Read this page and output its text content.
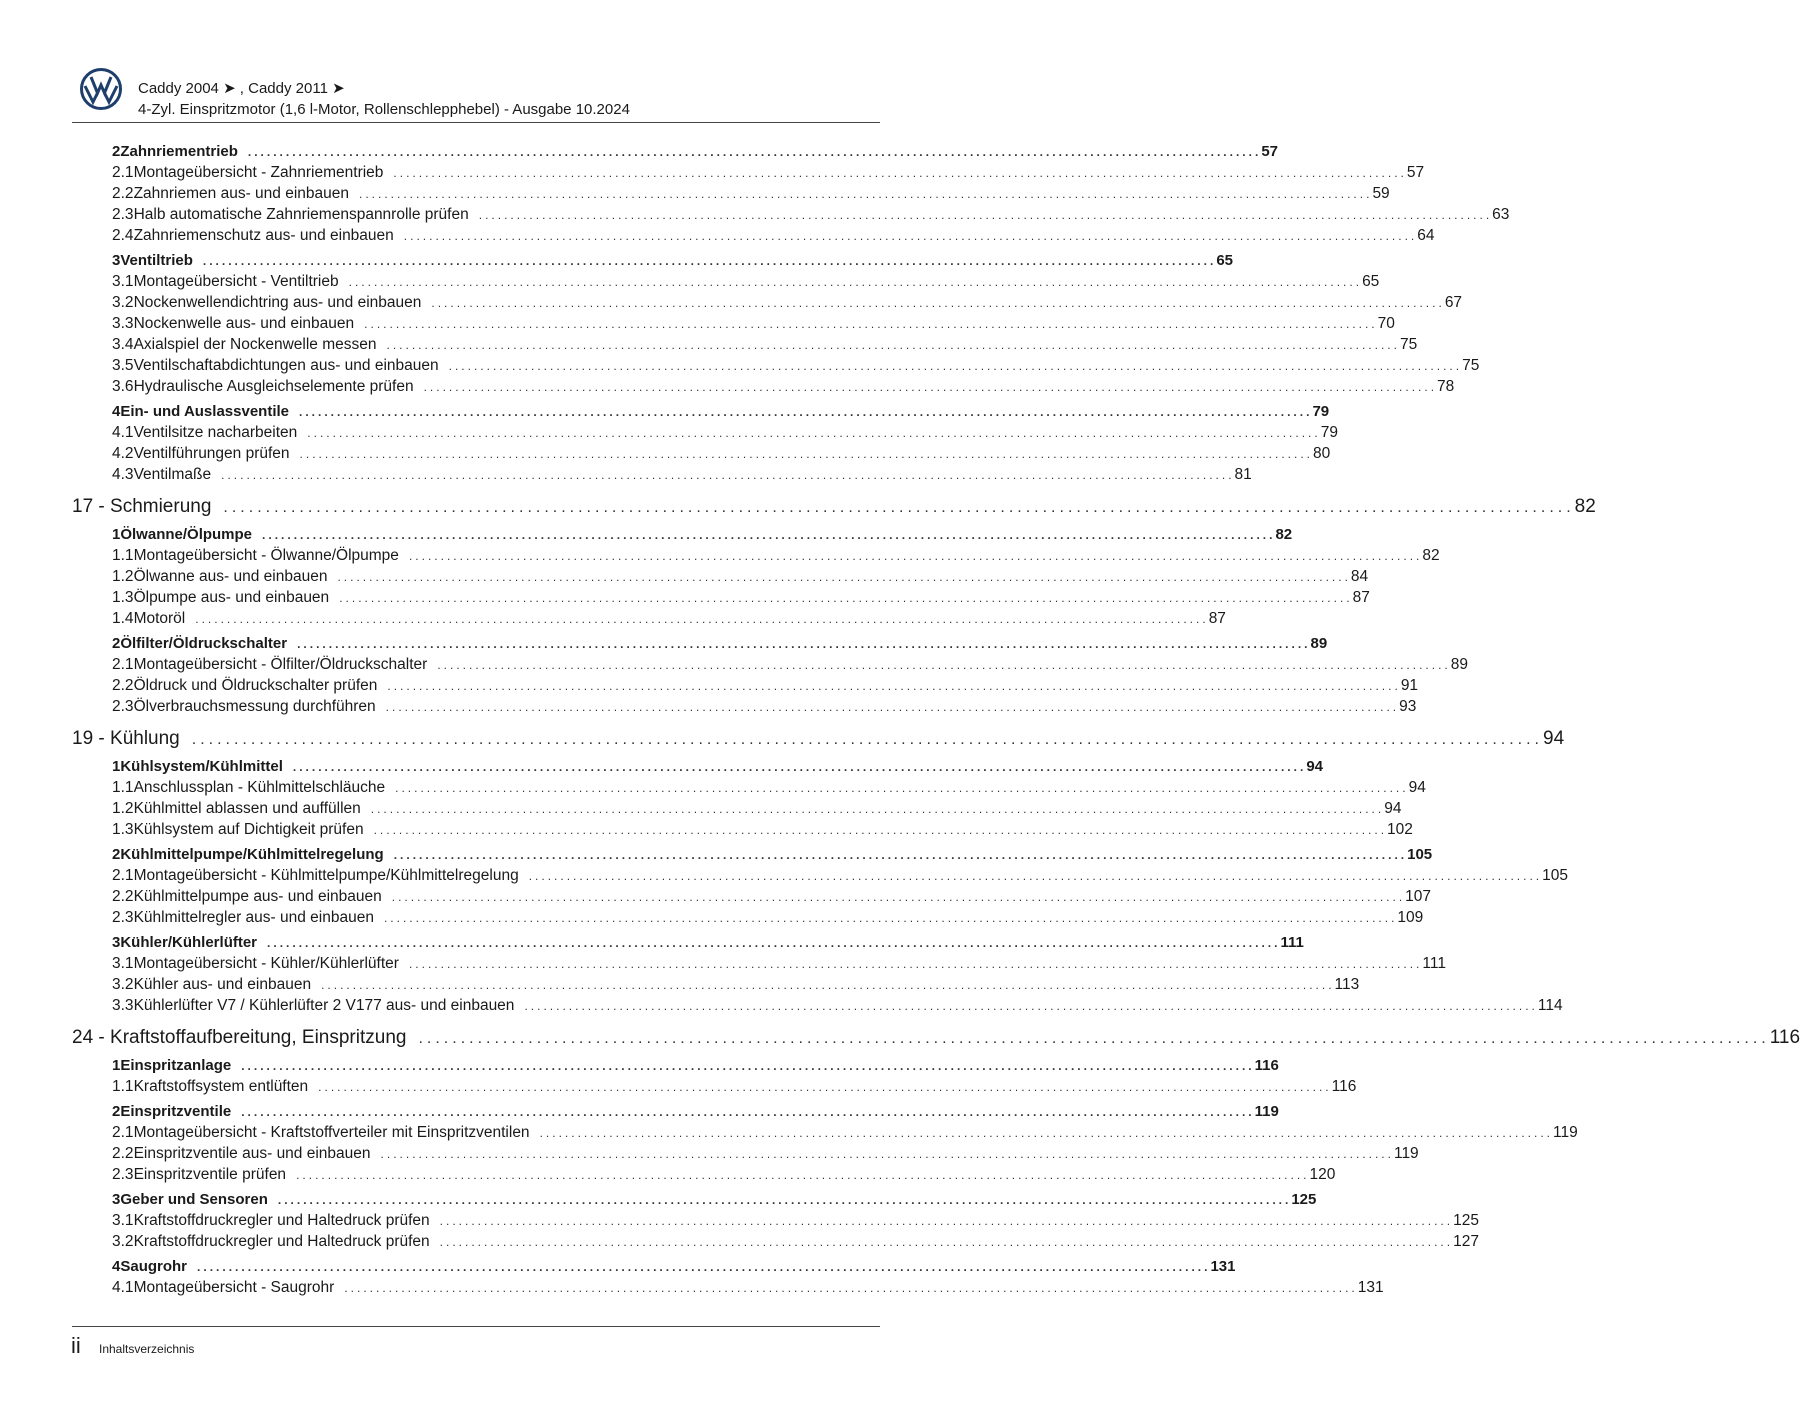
Caddy 2004 ➤ , Caddy 2011 ➤
4-Zyl. Einspritzmotor (1,6 l-Motor, Rollenschlepphebel) - Ausgabe 10.2024
2 Zahnriementrieb ................................................................................................................................................................ 57
2.1 Montageübersicht - Zahnriementrieb ................................................................................................................................................................ 57
2.2 Zahnriemen aus- und einbauen ................................................................................................................................................................ 59
2.3 Halb automatische Zahnriemenspannrolle prüfen ................................................................................................................................................................ 63
2.4 Zahnriemenschutz aus- und einbauen ................................................................................................................................................................ 64
3 Ventiltrieb ................................................................................................................................................................ 65
3.1 Montageübersicht - Ventiltrieb ................................................................................................................................................................ 65
3.2 Nockenwellendichtring aus- und einbauen ................................................................................................................................................................ 67
3.3 Nockenwelle aus- und einbauen ................................................................................................................................................................ 70
3.4 Axialspiel der Nockenwelle messen ................................................................................................................................................................ 75
3.5 Ventilschaftabdichtungen aus- und einbauen ................................................................................................................................................................ 75
3.6 Hydraulische Ausgleichselemente prüfen ................................................................................................................................................................ 78
4 Ein- und Auslassventile ................................................................................................................................................................ 79
4.1 Ventilsitze nacharbeiten ................................................................................................................................................................ 79
4.2 Ventilführungen prüfen ................................................................................................................................................................ 80
4.3 Ventilmaße ................................................................................................................................................................ 81
17 - Schmierung ................................................................................................................................................................ 82
1 Ölwanne/Ölpumpe ................................................................................................................................................................ 82
1.1 Montageübersicht - Ölwanne/Ölpumpe ................................................................................................................................................................ 82
1.2 Ölwanne aus- und einbauen ................................................................................................................................................................ 84
1.3 Ölpumpe aus- und einbauen ................................................................................................................................................................ 87
1.4 Motoröl ................................................................................................................................................................ 87
2 Ölfilter/Öldruckschalter ................................................................................................................................................................ 89
2.1 Montageübersicht - Ölfilter/Öldruckschalter ................................................................................................................................................................ 89
2.2 Öldruck und Öldruckschalter prüfen ................................................................................................................................................................ 91
2.3 Ölverbrauchsmessung durchführen ................................................................................................................................................................ 93
19 - Kühlung ................................................................................................................................................................ 94
1 Kühlsystem/Kühlmittel ................................................................................................................................................................ 94
1.1 Anschlussplan - Kühlmittelschläuche ................................................................................................................................................................ 94
1.2 Kühlmittel ablassen und auffüllen ................................................................................................................................................................ 94
1.3 Kühlsystem auf Dichtigkeit prüfen ................................................................................................................................................................ 102
2 Kühlmittelpumpe/Kühlmittelregelung ................................................................................................................................................................ 105
2.1 Montageübersicht - Kühlmittelpumpe/Kühlmittelregelung ................................................................................................................................................................ 105
2.2 Kühlmittelpumpe aus- und einbauen ................................................................................................................................................................ 107
2.3 Kühlmittelregler aus- und einbauen ................................................................................................................................................................ 109
3 Kühler/Kühlerlüfter ................................................................................................................................................................ 111
3.1 Montageübersicht - Kühler/Kühlerlüfter ................................................................................................................................................................ 111
3.2 Kühler aus- und einbauen ................................................................................................................................................................ 113
3.3 Kühlerlüfter V7 / Kühlerlüfter 2 V177 aus- und einbauen ................................................................................................................................................................ 114
24 - Kraftstoffaufbereitung, Einspritzung ................................................................................................................................................................ 116
1 Einspritzanlage ................................................................................................................................................................ 116
1.1 Kraftstoffsystem entlüften ................................................................................................................................................................ 116
2 Einspritzventile ................................................................................................................................................................ 119
2.1 Montageübersicht - Kraftstoffverteiler mit Einspritzventilen ................................................................................................................................................................ 119
2.2 Einspritzventile aus- und einbauen ................................................................................................................................................................ 119
2.3 Einspritzventile prüfen ................................................................................................................................................................ 120
3 Geber und Sensoren ................................................................................................................................................................ 125
3.1 Kraftstoffdruckregler und Haltedruck prüfen ................................................................................................................................................................ 125
3.2 Kraftstoffdruckregler und Haltedruck prüfen ................................................................................................................................................................ 127
4 Saugrohr ................................................................................................................................................................ 131
4.1 Montageübersicht - Saugrohr ................................................................................................................................................................ 131
ii Inhaltsverzeichnis
